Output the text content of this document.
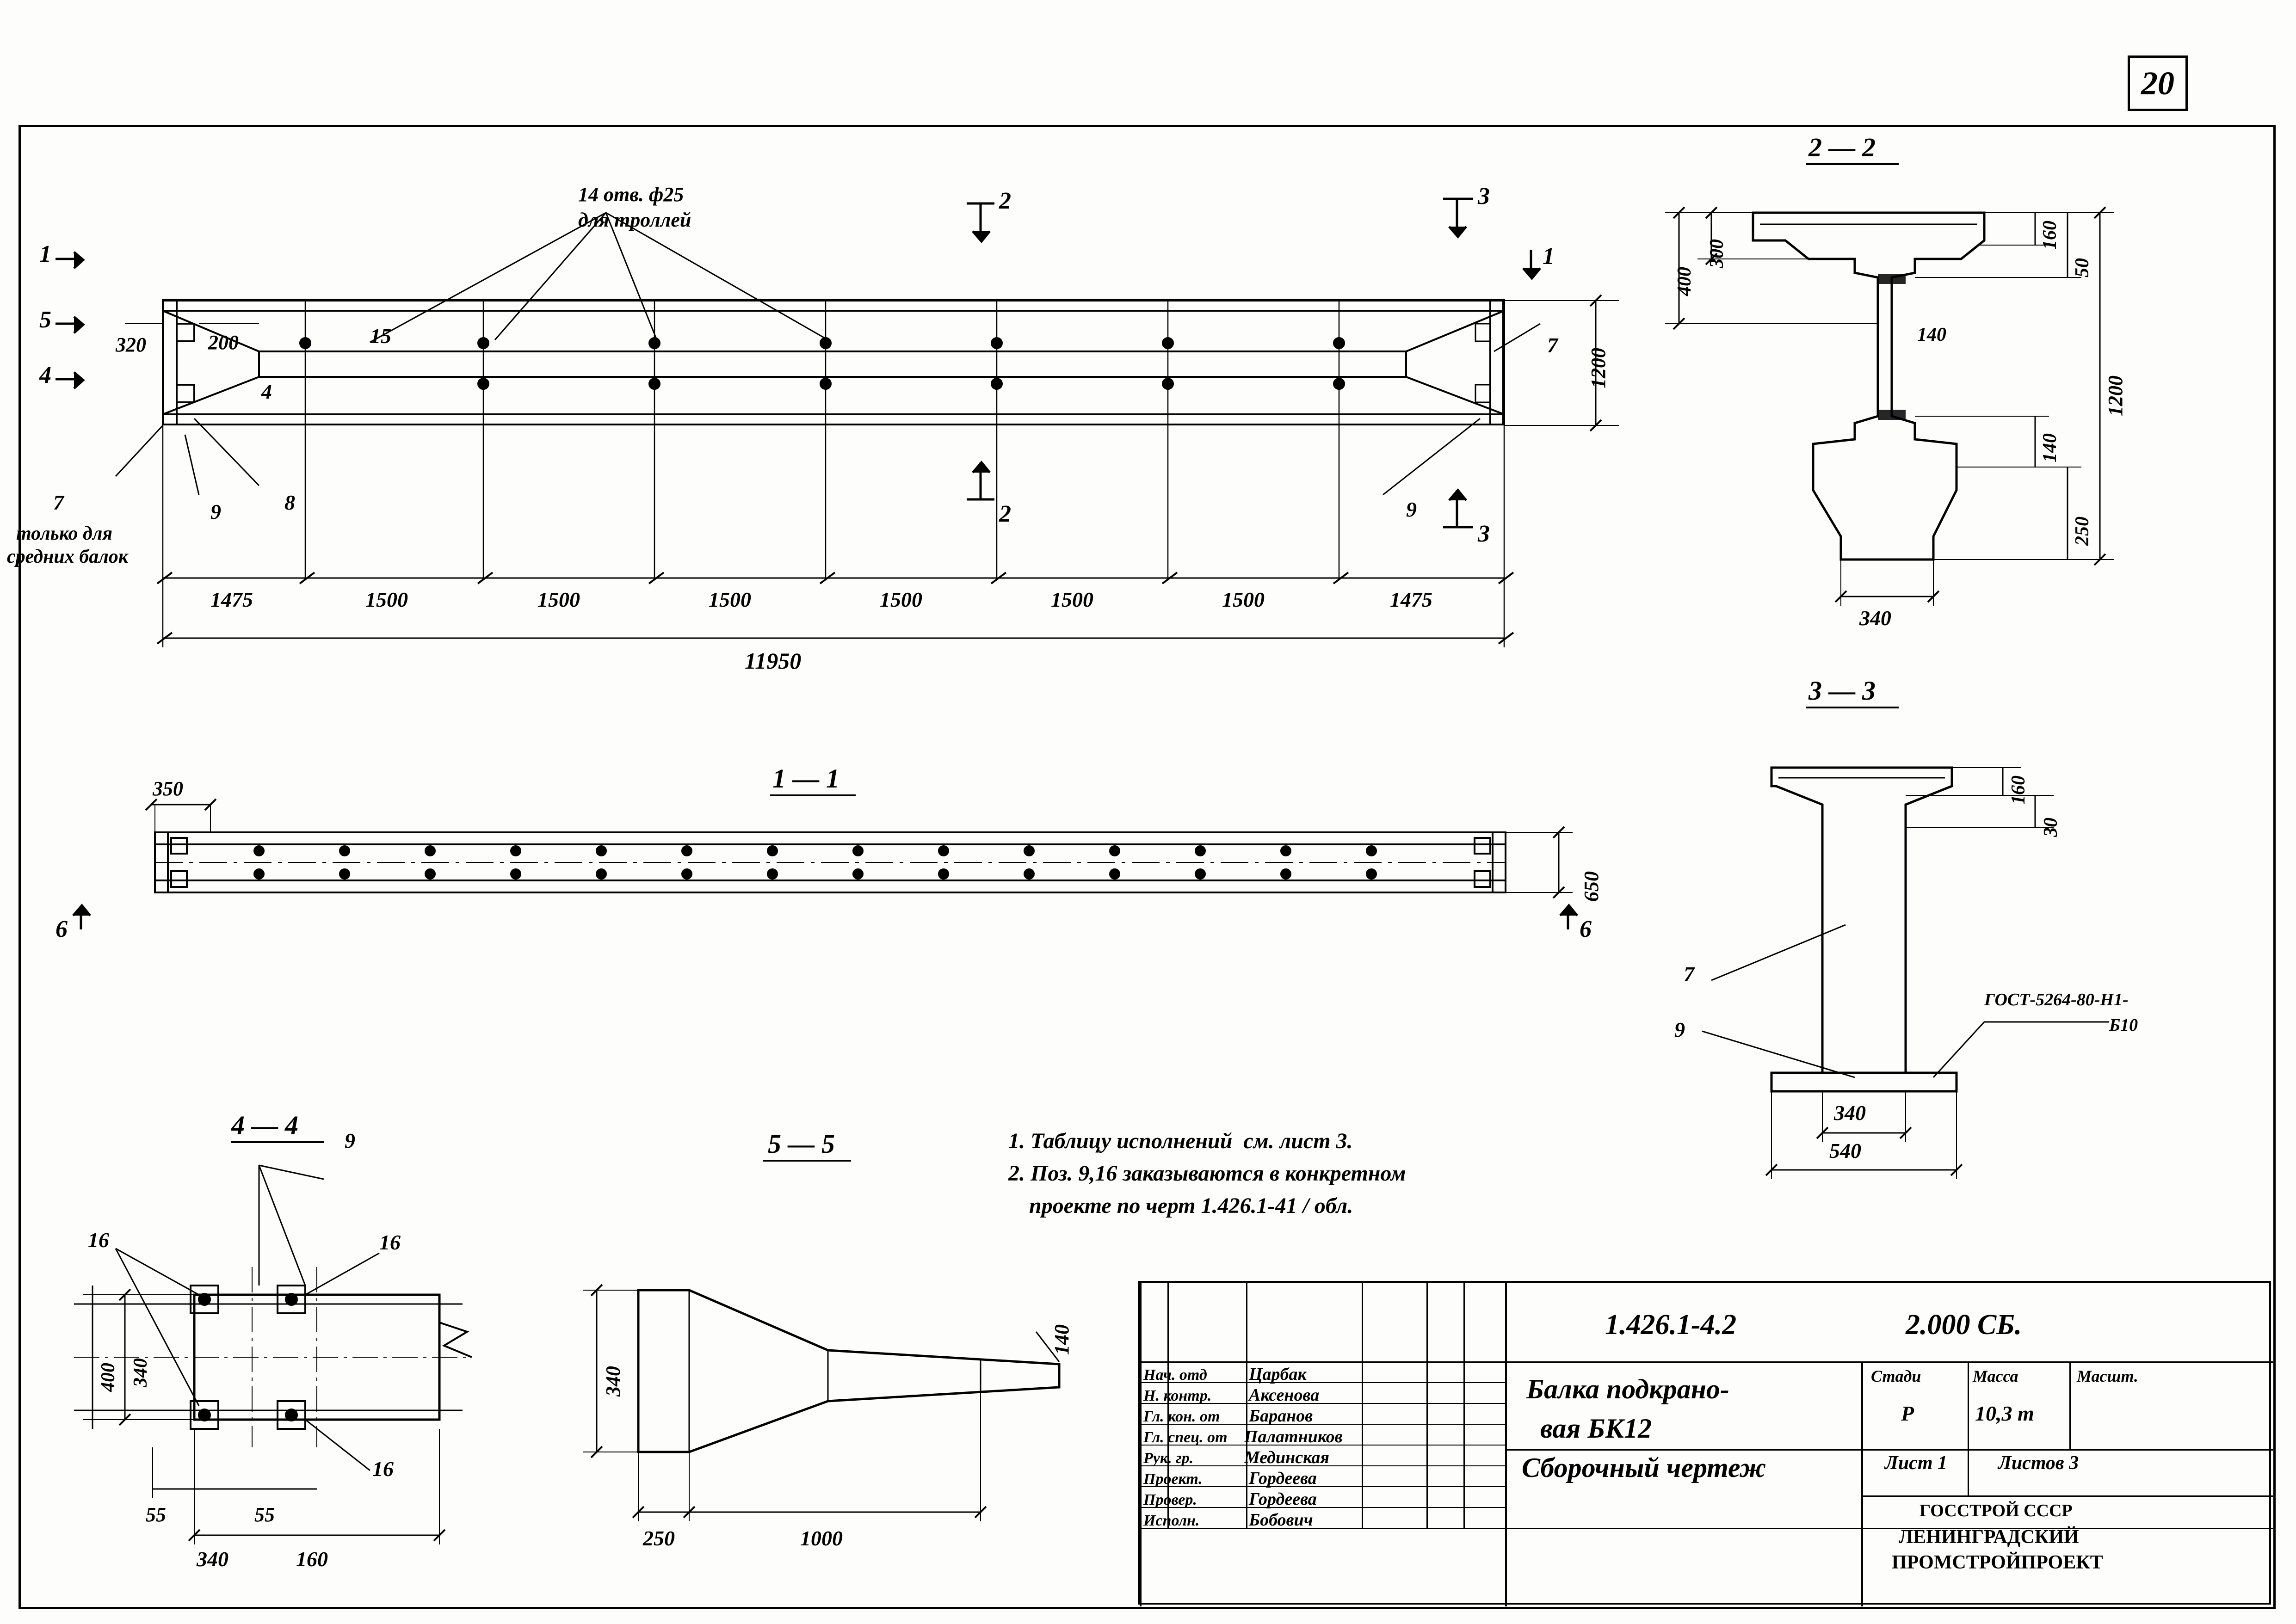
20
14 отв. ф25
для троллей
1
5
4
2
2
3
3
1
320	200
1200
15
4
7	9	8
7
9
только для
средних балок
1475	1500	1500	1500	1500	1500	1500	1475
11950
1 — 1
350
650
6	6
2 — 2
300
400
160
50
140
1200
140
250
340
3 — 3
160
30
340
540
7
9
ГОСТ-5264-80-Н1-
Б10
4 — 4
9
16	16
16
340
400
55	55
340	160
5 — 5
340
140
250	1000
1. Таблицу исполнений  см. лист 3.
2. Поз. 9,16 заказываются в конкретном
проекте по черт 1.426.1-41 / обл.
1.426.1-4.2	2.000 СБ.
Балка подкрано-
вая БК12
Сборочный чертеж
Нач. отд Цaрбак
Н. контр. Аксенова
Гл. кон. от Баранов
Гл. спец. от Палатников
Рук. гр.	Мединская
Проект.	Гордеева
Провер.	Гордеева
Исполн.	Бобович
Стади	Масса	Масшт.
Р	10,3 т
Лист 1	Листов 3
ГОССТРОЙ СССР
ЛЕНИНГРАДСКИЙ
ПРОМСТРОЙПРОЕКТ
